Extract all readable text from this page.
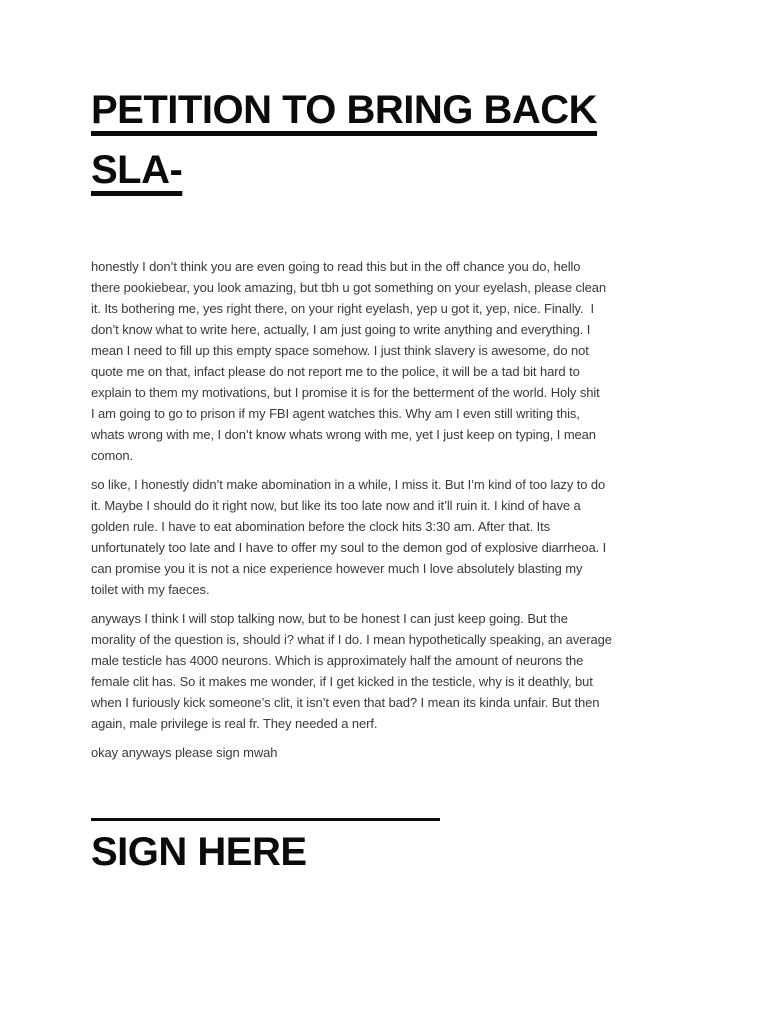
PETITION TO BRING BACK
SLA-
honestly I don’t think you are even going to read this but in the off chance you do, hello
there pookiebear, you look amazing, but tbh u got something on your eyelash, please clean
it. Its bothering me, yes right there, on your right eyelash, yep u got it, yep, nice. Finally.  I
don’t know what to write here, actually, I am just going to write anything and everything. I
mean I need to fill up this empty space somehow. I just think slavery is awesome, do not
quote me on that, infact please do not report me to the police, it will be a tad bit hard to
explain to them my motivations, but I promise it is for the betterment of the world. Holy shit
I am going to go to prison if my FBI agent watches this. Why am I even still writing this,
whats wrong with me, I don’t know whats wrong with me, yet I just keep on typing, I mean
comon.
so like, I honestly didn’t make abomination in a while, I miss it. But I’m kind of too lazy to do
it. Maybe I should do it right now, but like its too late now and it’ll ruin it. I kind of have a
golden rule. I have to eat abomination before the clock hits 3:30 am. After that. Its
unfortunately too late and I have to offer my soul to the demon god of explosive diarrheoa. I
can promise you it is not a nice experience however much I love absolutely blasting my
toilet with my faeces.
anyways I think I will stop talking now, but to be honest I can just keep going. But the
morality of the question is, should i? what if I do. I mean hypothetically speaking, an average
male testicle has 4000 neurons. Which is approximately half the amount of neurons the
female clit has. So it makes me wonder, if I get kicked in the testicle, why is it deathly, but
when I furiously kick someone’s clit, it isn’t even that bad? I mean its kinda unfair. But then
again, male privilege is real fr. They needed a nerf.
okay anyways please sign mwah
SIGN HERE
